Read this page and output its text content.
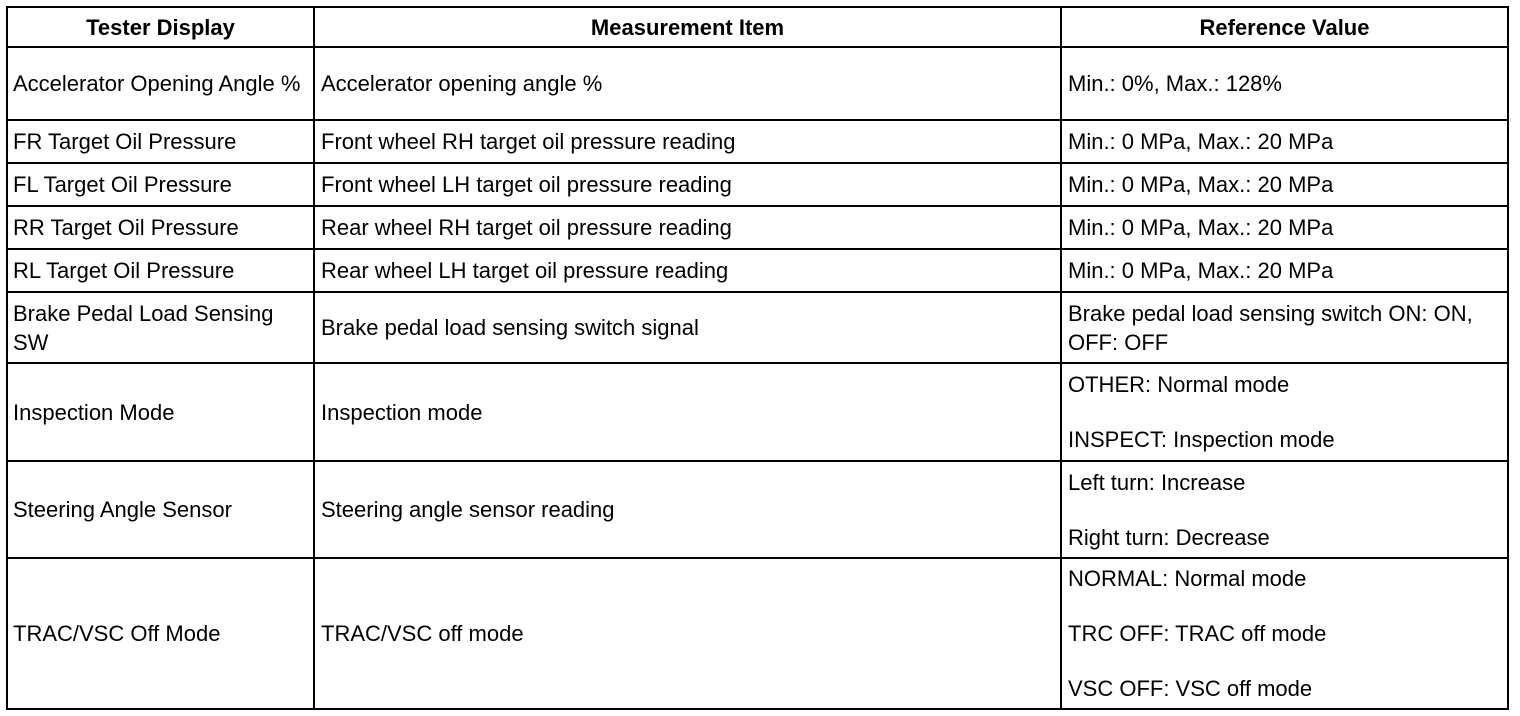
Tester Display	Measurement Item	Reference Value
Accelerator Opening Angle %	Accelerator opening angle %	Min.: 0%, Max.: 128%
FR Target Oil Pressure	Front wheel RH target oil pressure reading	Min.: 0 MPa, Max.: 20 MPa
FL Target Oil Pressure	Front wheel LH target oil pressure reading	Min.: 0 MPa, Max.: 20 MPa
RR Target Oil Pressure	Rear wheel RH target oil pressure reading	Min.: 0 MPa, Max.: 20 MPa
RL Target Oil Pressure	Rear wheel LH target oil pressure reading	Min.: 0 MPa, Max.: 20 MPa
Brake Pedal Load Sensing SW	Brake pedal load sensing switch signal	Brake pedal load sensing switch ON: ON, OFF: OFF
Inspection Mode	Inspection mode	OTHER: Normal mode
INSPECT: Inspection mode

Steering Angle Sensor	Steering angle sensor reading	Left turn: Increase
Right turn: Decrease

TRAC/VSC Off Mode	TRAC/VSC off mode	NORMAL: Normal mode
TRC OFF: TRAC off mode
VSC OFF: VSC off mode
